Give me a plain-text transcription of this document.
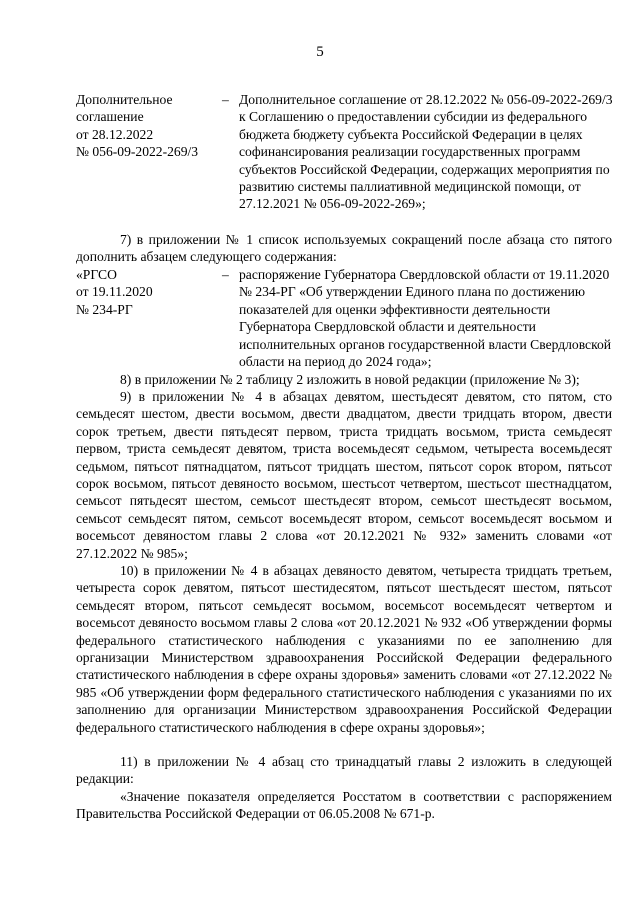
5
Дополнительное
соглашение
от 28.12.2022
№ 056-09-2022-269/3
– Дополнительное соглашение от 28.12.2022 № 056-09-2022-269/3 к Соглашению о предоставлении субсидии из федерального бюджета бюджету субъекта Российской Федерации в целях софинансирования реализации государственных программ субъектов Российской Федерации, содержащих мероприятия по развитию системы паллиативной медицинской помощи, от 27.12.2021 № 056-09-2022-269»;
7) в приложении № 1 список используемых сокращений после абзаца сто пятого дополнить абзацем следующего содержания:
«РГСО
от 19.11.2020
№ 234-РГ
– распоряжение Губернатора Свердловской области от 19.11.2020 № 234-РГ «Об утверждении Единого плана по достижению показателей для оценки эффективности деятельности Губернатора Свердловской области и деятельности исполнительных органов государственной власти Свердловской области на период до 2024 года»;
8) в приложении № 2 таблицу 2 изложить в новой редакции (приложение № 3);
9) в приложении № 4 в абзацах девятом, шестьдесят девятом, сто пятом, сто семьдесят шестом, двести восьмом, двести двадцатом, двести тридцать втором, двести сорок третьем, двести пятьдесят первом, триста тридцать восьмом, триста семьдесят первом, триста семьдесят девятом, триста восемьдесят седьмом, четыреста восемьдесят седьмом, пятьсот пятнадцатом, пятьсот тридцать шестом, пятьсот сорок втором, пятьсот сорок восьмом, пятьсот девяносто восьмом, шестьсот четвертом, шестьсот шестнадцатом, семьсот пятьдесят шестом, семьсот шестьдесят втором, семьсот шестьдесят восьмом, семьсот семьдесят пятом, семьсот восемьдесят втором, семьсот восемьдесят восьмом и восемьсот девяностом главы 2 слова «от 20.12.2021 № 932» заменить словами «от 27.12.2022 № 985»;
10) в приложении № 4 в абзацах девяносто девятом, четыреста тридцать третьем, четыреста сорок девятом, пятьсот шестидесятом, пятьсот шестьдесят шестом, пятьсот семьдесят втором, пятьсот семьдесят восьмом, восемьсот восемьдесят четвертом и восемьсот девяносто восьмом главы 2 слова «от 20.12.2021 № 932 «Об утверждении формы федерального статистического наблюдения с указаниями по ее заполнению для организации Министерством здравоохранения Российской Федерации федерального статистического наблюдения в сфере охраны здоровья» заменить словами «от 27.12.2022 № 985 «Об утверждении форм федерального статистического наблюдения с указаниями по их заполнению для организации Министерством здравоохранения Российской Федерации федерального статистического наблюдения в сфере охраны здоровья»;
11) в приложении № 4 абзац сто тринадцатый главы 2 изложить в следующей редакции:
«Значение показателя определяется Росстатом в соответствии с распоряжением Правительства Российской Федерации от 06.05.2008 № 671-р.
